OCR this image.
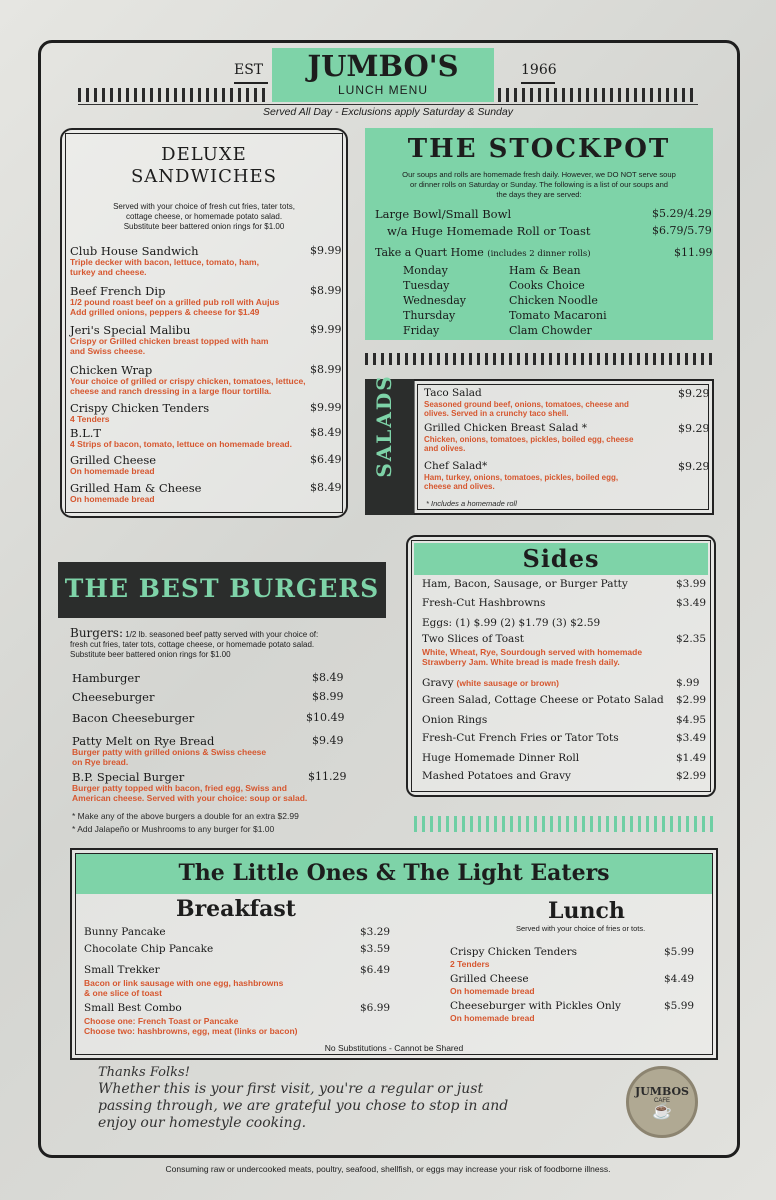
EST	1966
JUMBO'S
LUNCH MENU
Served All Day - Exclusions apply Saturday & Sunday
DELUXE
SANDWICHES
Served with your choice of fresh cut fries, tater tots,
cottage cheese, or homemade potato salad.
Substitute beer battered onion rings for $1.00
Club House Sandwich	$9.99
Triple decker with bacon, lettuce, tomato, ham,
turkey and cheese.
Beef French Dip	$8.99
1/2 pound roast beef on a grilled pub roll with Aujus
Add grilled onions, peppers & cheese for $1.49
Jeri's Special Malibu	$9.99
Crispy or Grilled chicken breast topped with ham
and Swiss cheese.
Chicken Wrap	$8.99
Your choice of grilled or crispy chicken, tomatoes, lettuce,
cheese and ranch dressing in a large flour tortilla.
Crispy Chicken Tenders	$9.99
4 Tenders
B.L.T	$8.49
4 Strips of bacon, tomato, lettuce on homemade bread.
Grilled Cheese	$6.49
On homemade bread
Grilled Ham & Cheese	$8.49
On homemade bread
THE STOCKPOT
Our soups and rolls are homemade fresh daily. However, we DO NOT serve soup
or dinner rolls on Saturday or Sunday. The following is a list of our soups and
the days they are served:
Large Bowl/Small Bowl	$5.29/4.29
w/a Huge Homemade Roll or Toast	$6.79/5.79
Take a Quart Home (includes 2 dinner rolls)	$11.99
Monday	Ham & Bean
Tuesday	Cooks Choice
Wednesday	Chicken Noodle
Thursday	Tomato Macaroni
Friday	Clam Chowder
SALADS	Taco Salad	$9.29
Seasoned ground beef, onions, tomatoes, cheese and
olives. Served in a crunchy taco shell.
Grilled Chicken Breast Salad *	$9.29
Chicken, onions, tomatoes, pickles, boiled egg, cheese
and olives.
Chef Salad*	$9.29
Ham, turkey, onions, tomatoes, pickles, boiled egg,
cheese and olives.
* Includes a homemade roll
Sides
Ham, Bacon, Sausage, or Burger Patty	$3.99
Fresh-Cut Hashbrowns	$3.49
Eggs: (1) $.99 (2) $1.79 (3) $2.59
Two Slices of Toast	$2.35
White, Wheat, Rye, Sourdough served with homemade
Strawberry Jam. White bread is made fresh daily.
Gravy (white sausage or brown)	$.99
Green Salad, Cottage Cheese or Potato Salad $2.99
Onion Rings	$4.95
Fresh-Cut French Fries or Tator Tots	$3.49
Huge Homemade Dinner Roll	$1.49
Mashed Potatoes and Gravy	$2.99
THE BEST BURGERS
Burgers: 1/2 lb. seasoned beef patty served with your choice of:
fresh cut fries, tater tots, cottage cheese, or homemade potato salad.
Substitute beer battered onion rings for $1.00
Hamburger	$8.49
Cheeseburger	$8.99
Bacon Cheeseburger	$10.49
Patty Melt on Rye Bread	$9.49
Burger patty with grilled onions & Swiss cheese
on Rye bread.
B.P. Special Burger	$11.29
Burger patty topped with bacon, fried egg, Swiss and
American cheese. Served with your choice: soup or salad.
* Make any of the above burgers a double for an extra $2.99
* Add Jalapeño or Mushrooms to any burger for $1.00
The Little Ones & The Light Eaters
Breakfast	Lunch
Served with your choice of fries or tots.
Bunny Pancake	$3.29
Chocolate Chip Pancake	$3.59
Small Trekker	$6.49
Bacon or link sausage with one egg, hashbrowns
& one slice of toast
Small Best Combo	$6.99
Choose one: French Toast or Pancake
Choose two: hashbrowns, egg, meat (links or bacon)
Crispy Chicken Tenders	$5.99
2 Tenders
Grilled Cheese	$4.49
On homemade bread
Cheeseburger with Pickles Only	$5.99
On homemade bread
No Substitutions - Cannot be Shared
Thanks Folks!
Whether this is your first visit, you're a regular or just
passing through, we are grateful you chose to stop in and
enjoy our homestyle cooking.
JUMBOS
CAFE
☕
Consuming raw or undercooked meats, poultry, seafood, shellfish, or eggs may increase your risk of foodborne illness.
